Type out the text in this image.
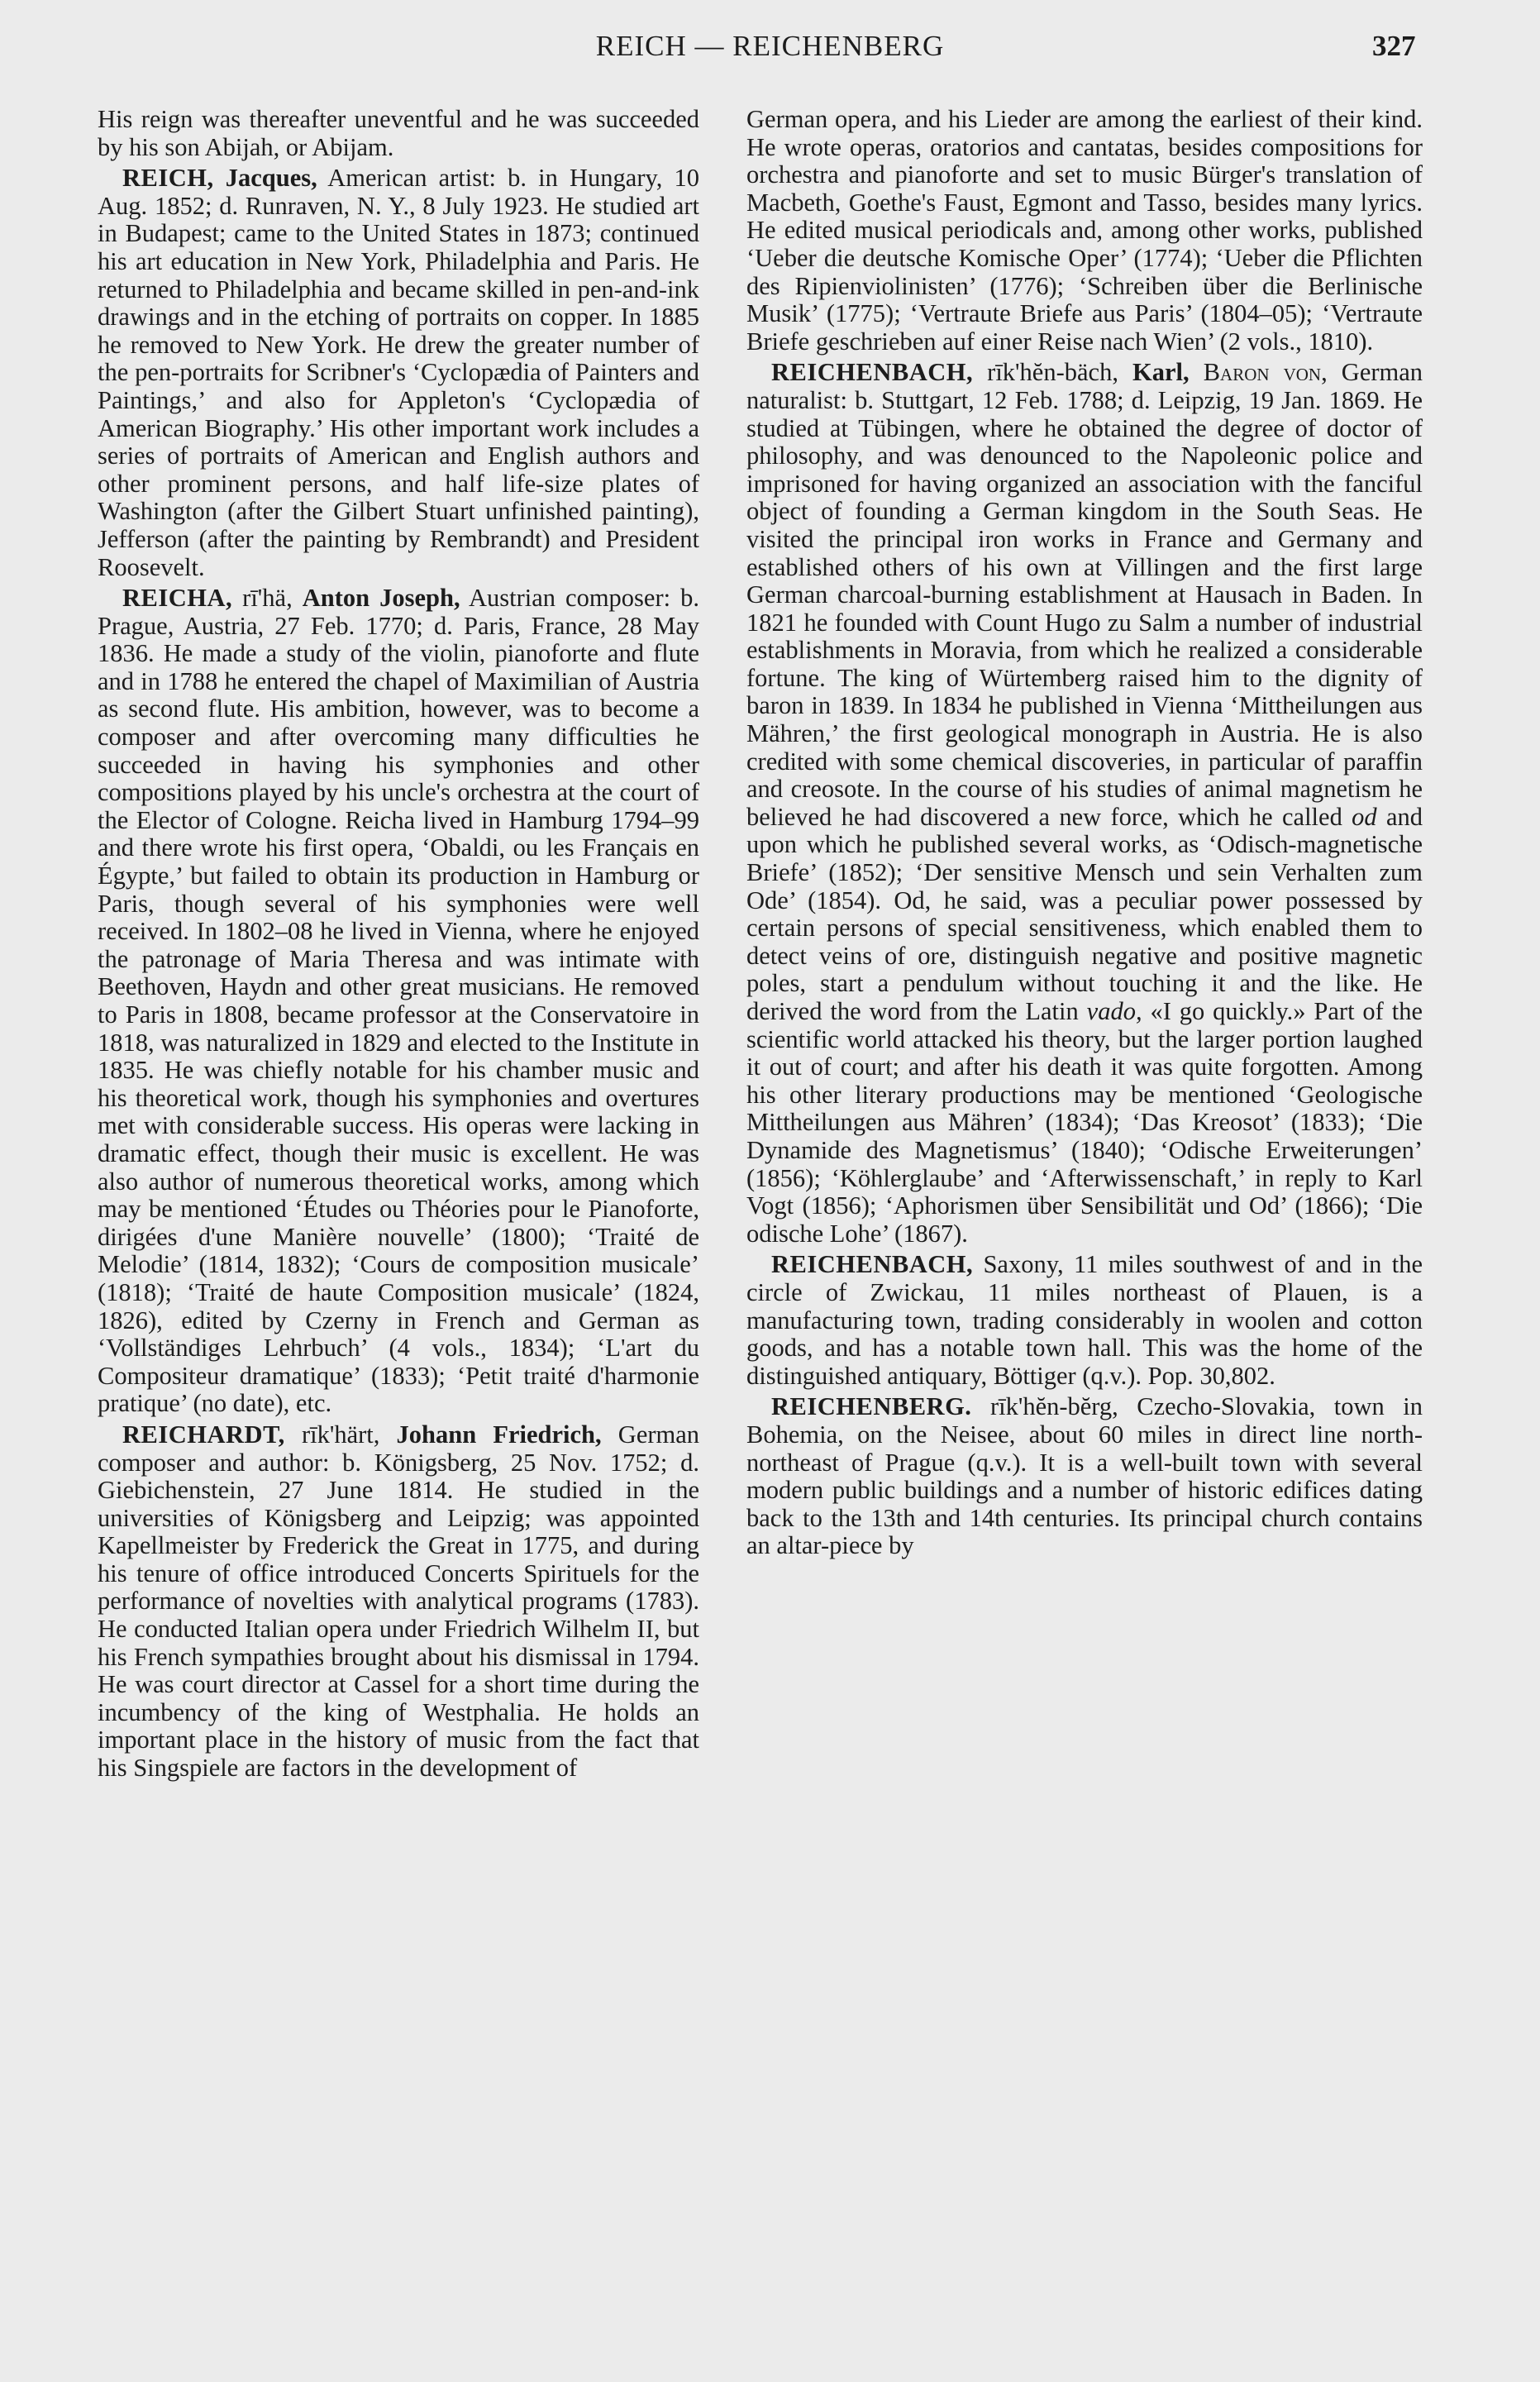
REICH — REICHENBERG	327

His reign was thereafter uneventful and he was succeeded by his son Abijah, or Abijam.

REICH, Jacques, American artist: b. in Hungary, 10 Aug. 1852; d. Runraven, N. Y., 8 July 1923. He studied art in Budapest; came to the United States in 1873; continued his art education in New York, Philadelphia and Paris. He returned to Philadelphia and became skilled in pen-and-ink drawings and in the etching of portraits on copper. In 1885 he removed to New York. He drew the greater number of the pen-portraits for Scribner's ‘Cyclopædia of Painters and Paintings,’ and also for Appleton's ‘Cyclopædia of American Biography.’ His other important work includes a series of portraits of American and English authors and other prominent persons, and half life-size plates of Washington (after the Gilbert Stuart unfinished painting), Jefferson (after the painting by Rembrandt) and President Roosevelt.

REICHA, rī'hä, Anton Joseph, Austrian composer: b. Prague, Austria, 27 Feb. 1770; d. Paris, France, 28 May 1836. He made a study of the violin, pianoforte and flute and in 1788 he entered the chapel of Maximilian of Austria as second flute. His ambition, however, was to become a composer and after overcoming many difficulties he succeeded in having his symphonies and other compositions played by his uncle's orchestra at the court of the Elector of Cologne. Reicha lived in Hamburg 1794–99 and there wrote his first opera, ‘Obaldi, ou les Français en Égypte,’ but failed to obtain its production in Hamburg or Paris, though several of his symphonies were well received. In 1802–08 he lived in Vienna, where he enjoyed the patronage of Maria Theresa and was intimate with Beethoven, Haydn and other great musicians. He removed to Paris in 1808, became professor at the Conservatoire in 1818, was naturalized in 1829 and elected to the Institute in 1835. He was chiefly notable for his chamber music and his theoretical work, though his symphonies and overtures met with considerable success. His operas were lacking in dramatic effect, though their music is excellent. He was also author of numerous theoretical works, among which may be mentioned ‘Études ou Théories pour le Pianoforte, dirigées d'une Manière nouvelle’ (1800); ‘Traité de Melodie’ (1814, 1832); ‘Cours de composition musicale’ (1818); ‘Traité de haute Composition musicale’ (1824, 1826), edited by Czerny in French and German as ‘Vollständiges Lehrbuch’ (4 vols., 1834); ‘L'art du Compositeur dramatique’ (1833); ‘Petit traité d'harmonie pratique’ (no date), etc.

REICHARDT, rīk'härt, Johann Friedrich, German composer and author: b. Königsberg, 25 Nov. 1752; d. Giebichenstein, 27 June 1814. He studied in the universities of Königsberg and Leipzig; was appointed Kapellmeister by Frederick the Great in 1775, and during his tenure of office introduced Concerts Spirituels for the performance of novelties with analytical programs (1783). He conducted Italian opera under Friedrich Wilhelm II, but his French sympathies brought about his dismissal in 1794. He was court director at Cassel for a short time during the incumbency of the king of Westphalia. He holds an important place in the history of music from the fact that his Singspiele are factors in the development of

German opera, and his Lieder are among the earliest of their kind. He wrote operas, oratorios and cantatas, besides compositions for orchestra and pianoforte and set to music Bürger's translation of Macbeth, Goethe's Faust, Egmont and Tasso, besides many lyrics. He edited musical periodicals and, among other works, published ‘Ueber die deutsche Komische Oper’ (1774); ‘Ueber die Pflichten des Ripienviolinisten’ (1776); ‘Schreiben über die Berlinische Musik’ (1775); ‘Vertraute Briefe aus Paris’ (1804–05); ‘Vertraute Briefe geschrieben auf einer Reise nach Wien’ (2 vols., 1810).

REICHENBACH, rīk'hĕn-bäch, Karl, Baron von, German naturalist: b. Stuttgart, 12 Feb. 1788; d. Leipzig, 19 Jan. 1869. He studied at Tübingen, where he obtained the degree of doctor of philosophy, and was denounced to the Napoleonic police and imprisoned for having organized an association with the fanciful object of founding a German kingdom in the South Seas. He visited the principal iron works in France and Germany and established others of his own at Villingen and the first large German charcoal-burning establishment at Hausach in Baden. In 1821 he founded with Count Hugo zu Salm a number of industrial establishments in Moravia, from which he realized a considerable fortune. The king of Würtemberg raised him to the dignity of baron in 1839. In 1834 he published in Vienna ‘Mittheilungen aus Mähren,’ the first geological monograph in Austria. He is also credited with some chemical discoveries, in particular of paraffin and creosote. In the course of his studies of animal magnetism he believed he had discovered a new force, which he called od and upon which he published several works, as ‘Odisch-magnetische Briefe’ (1852); ‘Der sensitive Mensch und sein Verhalten zum Ode’ (1854). Od, he said, was a peculiar power possessed by certain persons of special sensitiveness, which enabled them to detect veins of ore, distinguish negative and positive magnetic poles, start a pendulum without touching it and the like. He derived the word from the Latin vado, «I go quickly.» Part of the scientific world attacked his theory, but the larger portion laughed it out of court; and after his death it was quite forgotten. Among his other literary productions may be mentioned ‘Geologische Mittheilungen aus Mähren’ (1834); ‘Das Kreosot’ (1833); ‘Die Dynamide des Magnetismus’ (1840); ‘Odische Erweiterungen’ (1856); ‘Köhlerglaube’ and ‘Afterwissenschaft,’ in reply to Karl Vogt (1856); ‘Aphorismen über Sensibilität und Od’ (1866); ‘Die odische Lohe’ (1867).

REICHENBACH, Saxony, 11 miles southwest of and in the circle of Zwickau, 11 miles northeast of Plauen, is a manufacturing town, trading considerably in woolen and cotton goods, and has a notable town hall. This was the home of the distinguished antiquary, Böttiger (q.v.). Pop. 30,802.

REICHENBERG. rīk'hĕn-bĕrg, Czecho-Slovakia, town in Bohemia, on the Neisee, about 60 miles in direct line north-northeast of Prague (q.v.). It is a well-built town with several modern public buildings and a number of historic edifices dating back to the 13th and 14th centuries. Its principal church contains an altar-piece by
